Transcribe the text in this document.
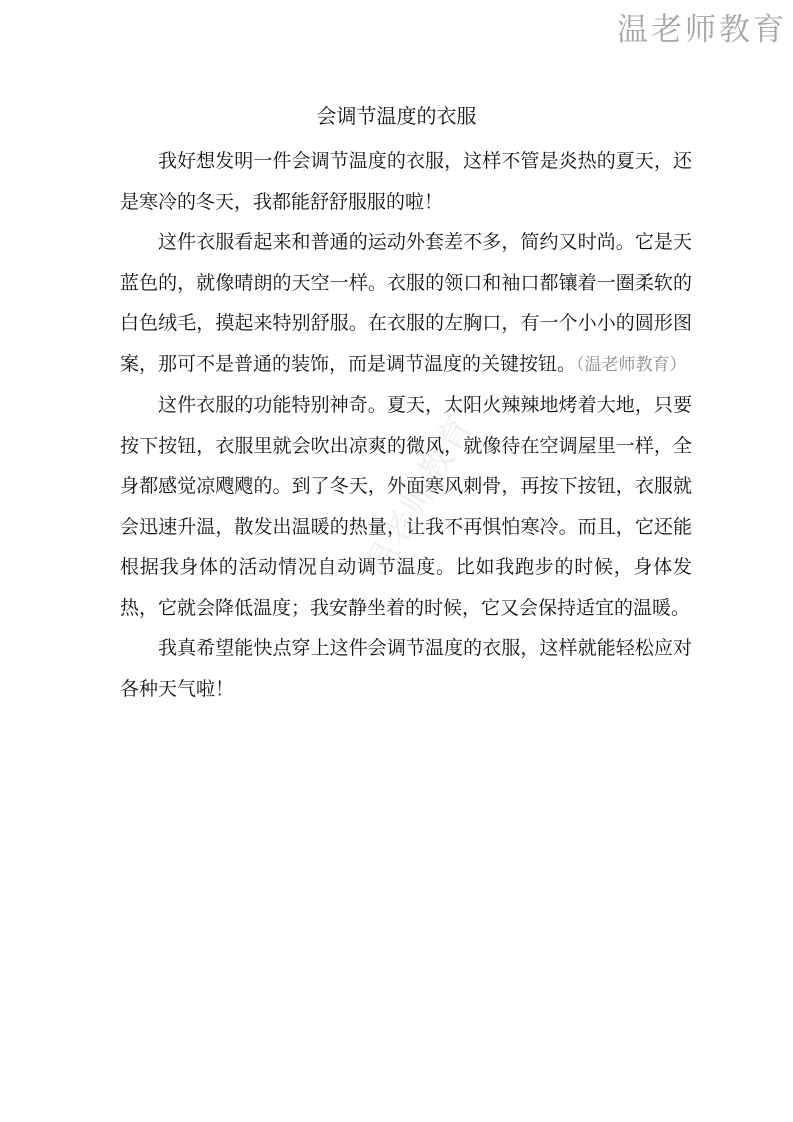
温老师教育
会调节温度的衣服

我好想发明一件会调节温度的衣服，这样不管是炎热的夏天，还是寒冷的冬天，我都能舒舒服服的啦！

这件衣服看起来和普通的运动外套差不多，简约又时尚。它是天蓝色的，就像晴朗的天空一样。衣服的领口和袖口都镶着一圈柔软的白色绒毛，摸起来特别舒服。在衣服的左胸口，有一个小小的圆形图案，那可不是普通的装饰，而是调节温度的关键按钮。（温老师教育）

这件衣服的功能特别神奇。夏天，太阳火辣辣地烤着大地，只要按下按钮，衣服里就会吹出凉爽的微风，就像待在空调屋里一样，全身都感觉凉飕飕的。到了冬天，外面寒风刺骨，再按下按钮，衣服就会迅速升温，散发出温暖的热量，让我不再惧怕寒冷。而且，它还能根据我身体的活动情况自动调节温度。比如我跑步的时候，身体发热，它就会降低温度；我安静坐着的时候，它又会保持适宜的温暖。

我真希望能快点穿上这件会调节温度的衣服，这样就能轻松应对各种天气啦！

温老师教育
